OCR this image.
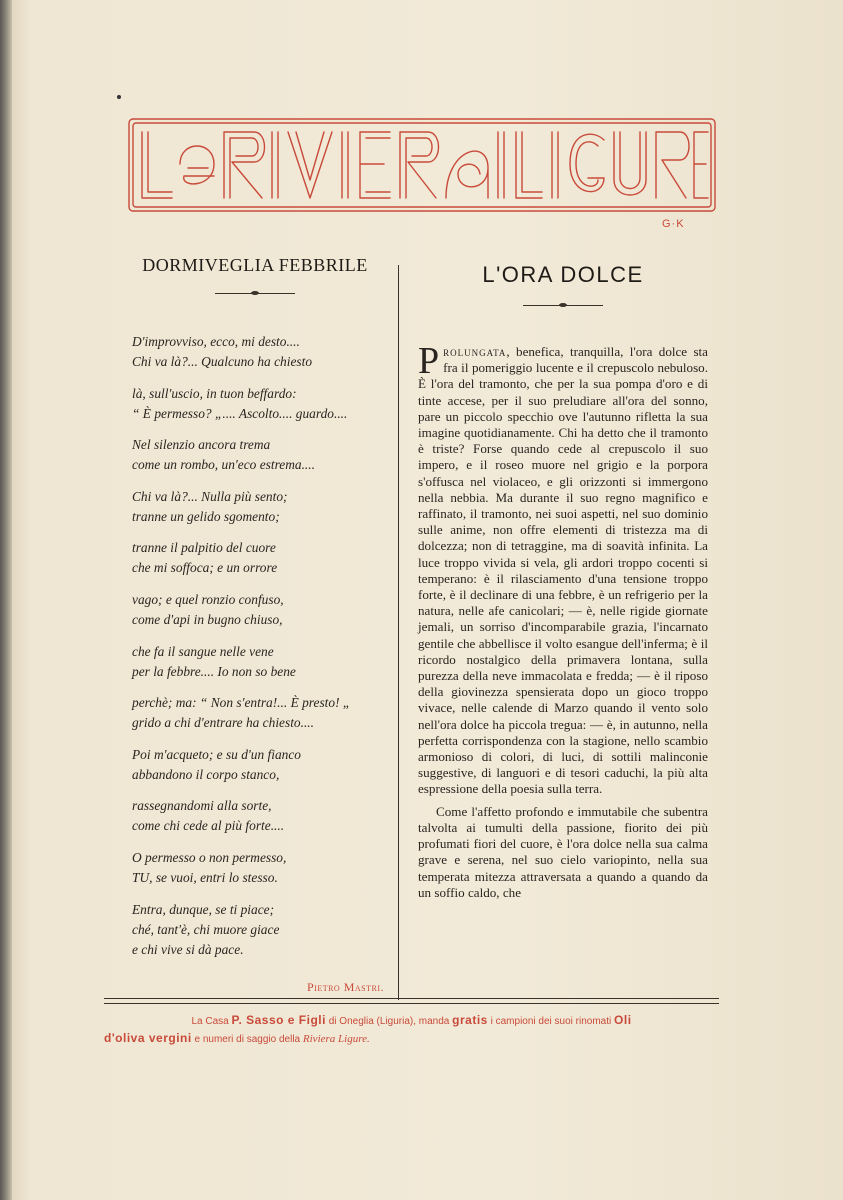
G·K
DORMIVEGLIA FEBBRILE
D'improvviso, ecco, mi desto....
Chi va là?... Qualcuno ha chiesto
là, sull'uscio, in tuon beffardo:
“ È permesso? „.... Ascolto.... guardo....
Nel silenzio ancora trema
come un rombo, un'eco estrema....
Chi va là?... Nulla più sento;
tranne un gelido sgomento;
tranne il palpitio del cuore
che mi soffoca; e un orrore
vago; e quel ronzio confuso,
come d'api in bugno chiuso,
che fa il sangue nelle vene
per la febbre.... Io non so bene
perchè; ma: “ Non s'entra!... È presto! „
grido a chi d'entrare ha chiesto....
Poi m'acqueto; e su d'un fianco
abbandono il corpo stanco,
rassegnandomi alla sorte,
come chi cede al più forte....
O permesso o non permesso,
TU, se vuoi, entri lo stesso.
Entra, dunque, se ti piace;
ché, tant'è, chi muore giace
e chi vive si dà pace.
Pietro Mastri.
L'ORA DOLCE

Prolungata, benefica, tranquilla, l'ora dolce sta fra il pomeriggio lucente e il crepuscolo nebuloso. È l'ora del tramonto, che per la sua pompa d'oro e di tinte accese, per il suo preludiare all'ora del sonno, pare un piccolo specchio ove l'autunno rifletta la sua imagine quotidianamente. Chi ha detto che il tramonto è triste? Forse quando cede al crepuscolo il suo impero, e il roseo muore nel grigio e la porpora s'offusca nel violaceo, e gli orizzonti si immergono nella nebbia. Ma durante il suo regno magnifico e raffinato, il tramonto, nei suoi aspetti, nel suo dominio sulle anime, non offre elementi di tristezza ma di dolcezza; non di tetraggine, ma di soavità infinita. La luce troppo vivida si vela, gli ardori troppo cocenti si temperano: è il rilasciamento d'una tensione troppo forte, è il declinare di una febbre, è un refrigerio per la natura, nelle afe canicolari; — è, nelle rigide giornate jemali, un sorriso d'incomparabile grazia, l'incarnato gentile che abbellisce il volto esangue dell'inferma; è il ricordo nostalgico della primavera lontana, sulla purezza della neve immacolata e fredda; — è il riposo della giovinezza spensierata dopo un gioco troppo vivace, nelle calende di Marzo quando il vento solo nell'ora dolce ha piccola tregua: — è, in autunno, nella perfetta corrispondenza con la stagione, nello scambio armonioso di colori, di luci, di sottili malinconie suggestive, di languori e di tesori caduchi, la più alta espressione della poesia sulla terra.

Come l'affetto profondo e immutabile che subentra talvolta ai tumulti della passione, fiorito dei più profumati fiori del cuore, è l'ora dolce nella sua calma grave e serena, nel suo cielo variopinto, nella sua temperata mitezza attraversata a quando a quando da un soffio caldo, che

La Casa P. Sasso e Figli di Oneglia (Liguria), manda gratis i campioni dei suoi rinomati Oli
d'oliva vergini e numeri di saggio della Riviera Ligure.
